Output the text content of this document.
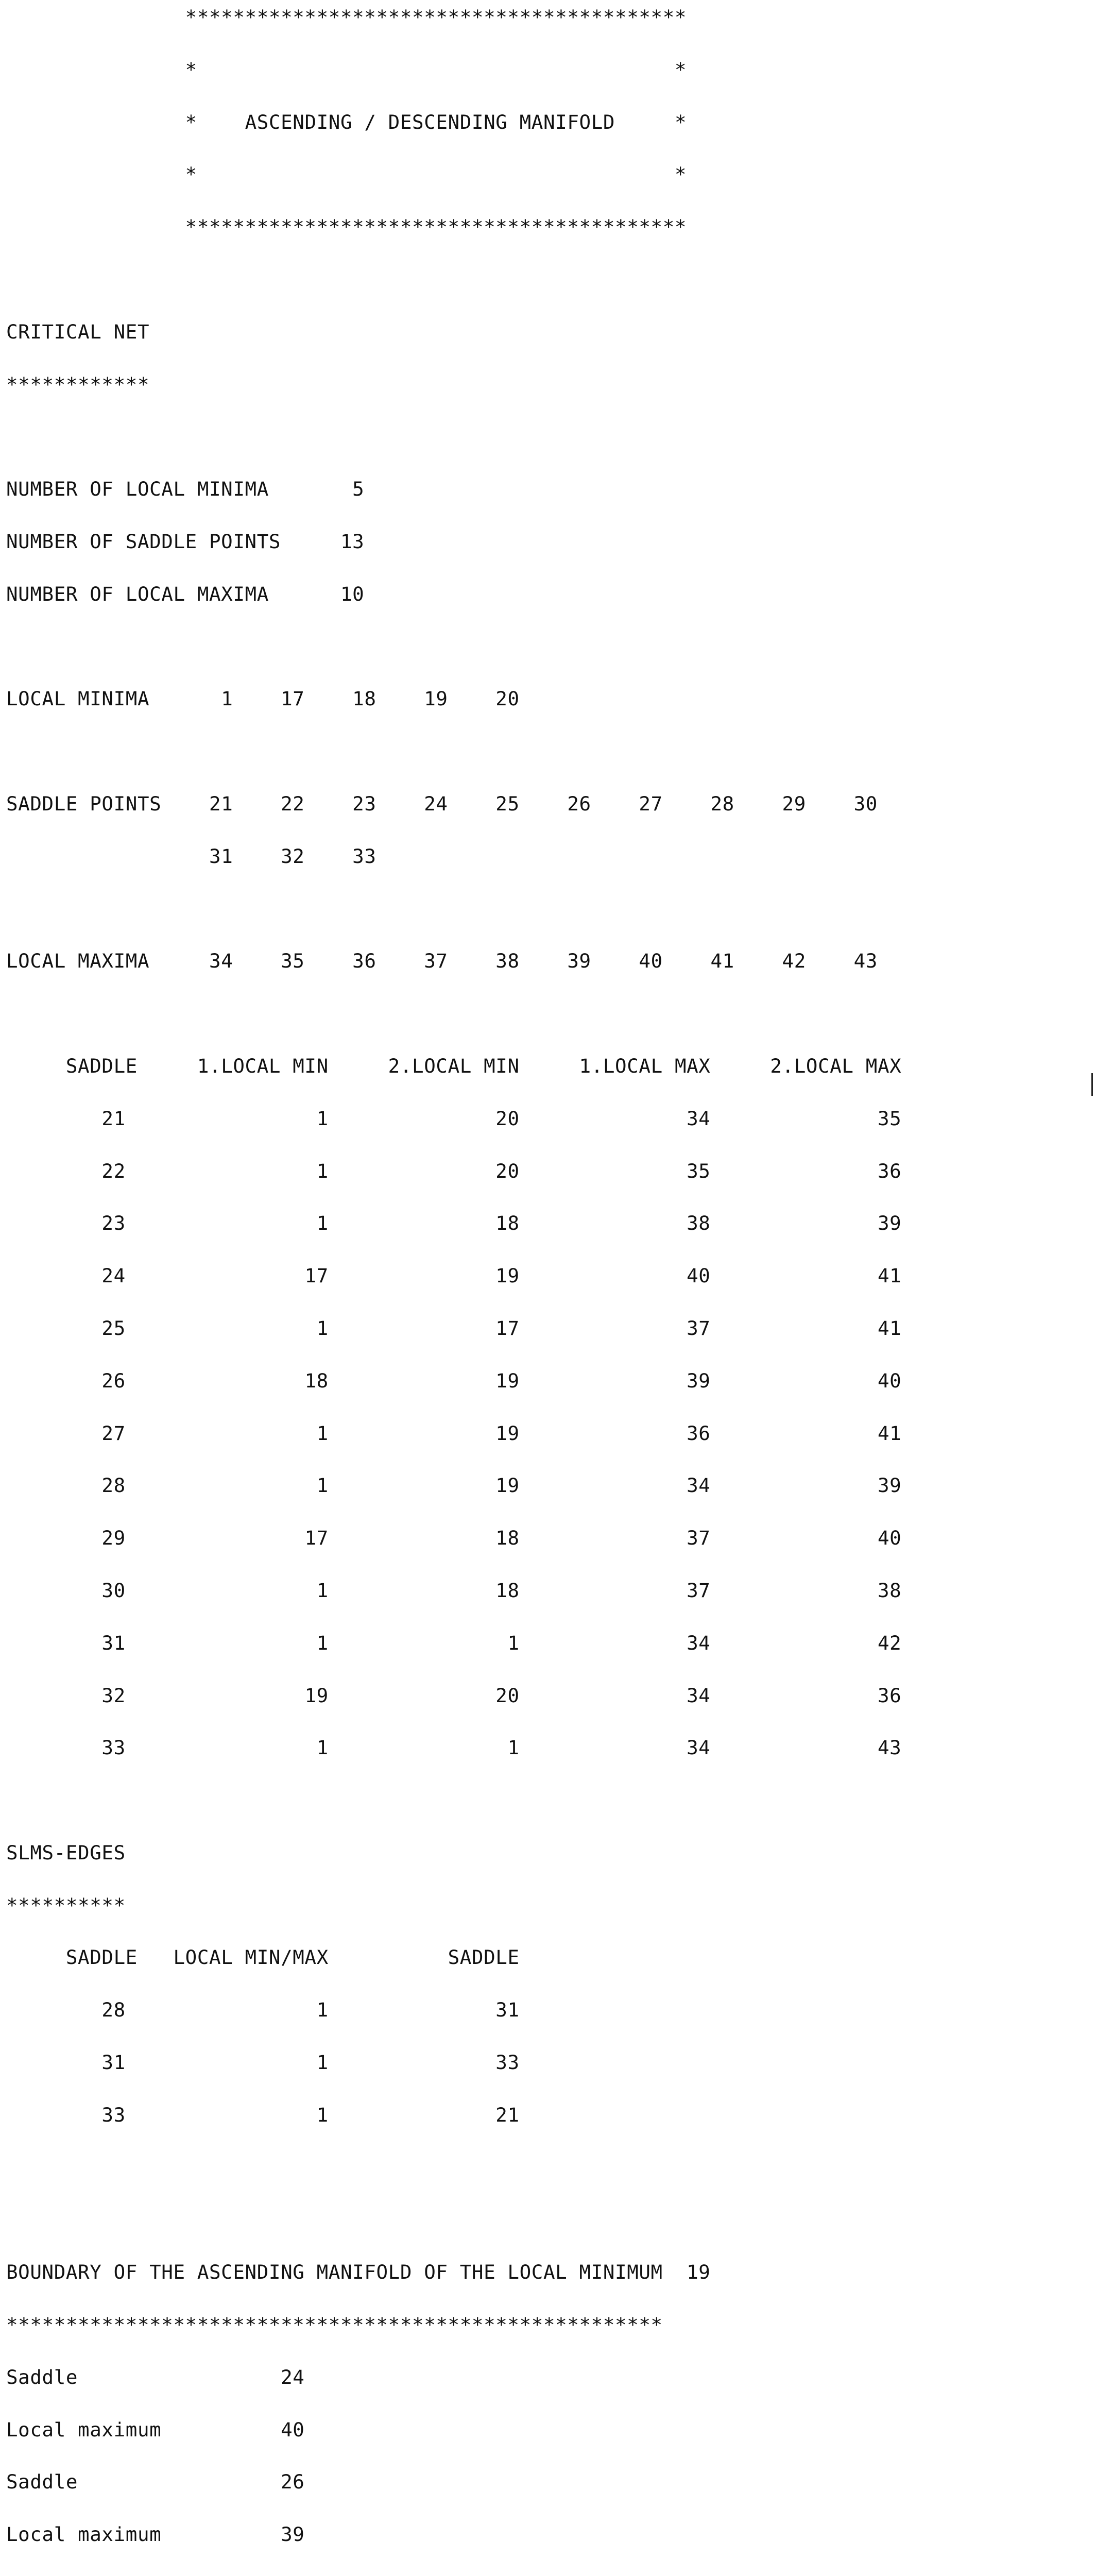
******************************************

*	*

* ASCENDING / DESCENDING MANIFOLD	*

*	*

******************************************

CRITICAL NET

************

NUMBER OF LOCAL MINIMA       5

NUMBER OF SADDLE POINTS     13

NUMBER OF LOCAL MAXIMA      10

LOCAL MINIMA      1    17    18    19    20

SADDLE POINTS    21    22    23    24    25    26    27    28    29    30

31    32    33

LOCAL MAXIMA     34    35    36    37    38    39    40    41    42    43

SADDLE     1.LOCAL MIN     2.LOCAL MIN     1.LOCAL MAX     2.LOCAL MAX

21                1              20              34              35

22                1              20              35              36

23                1              18              38              39

24               17              19              40              41

25                1              17              37              41

26               18              19              39              40

27                1              19              36              41

28                1              19              34              39

29               17              18              37              40

30                1              18              37              38

31                1               1              34              42

32               19              20              34              36

33                1               1              34              43

SLMS-EDGES

**********

SADDLE   LOCAL MIN/MAX          SADDLE

28                1              31

31                1              33

33                1              21

BOUNDARY OF THE ASCENDING MANIFOLD OF THE LOCAL MINIMUM 19

*******************************************************

Saddle                 24

Local maximum          40

Saddle                 26

Local maximum          39
